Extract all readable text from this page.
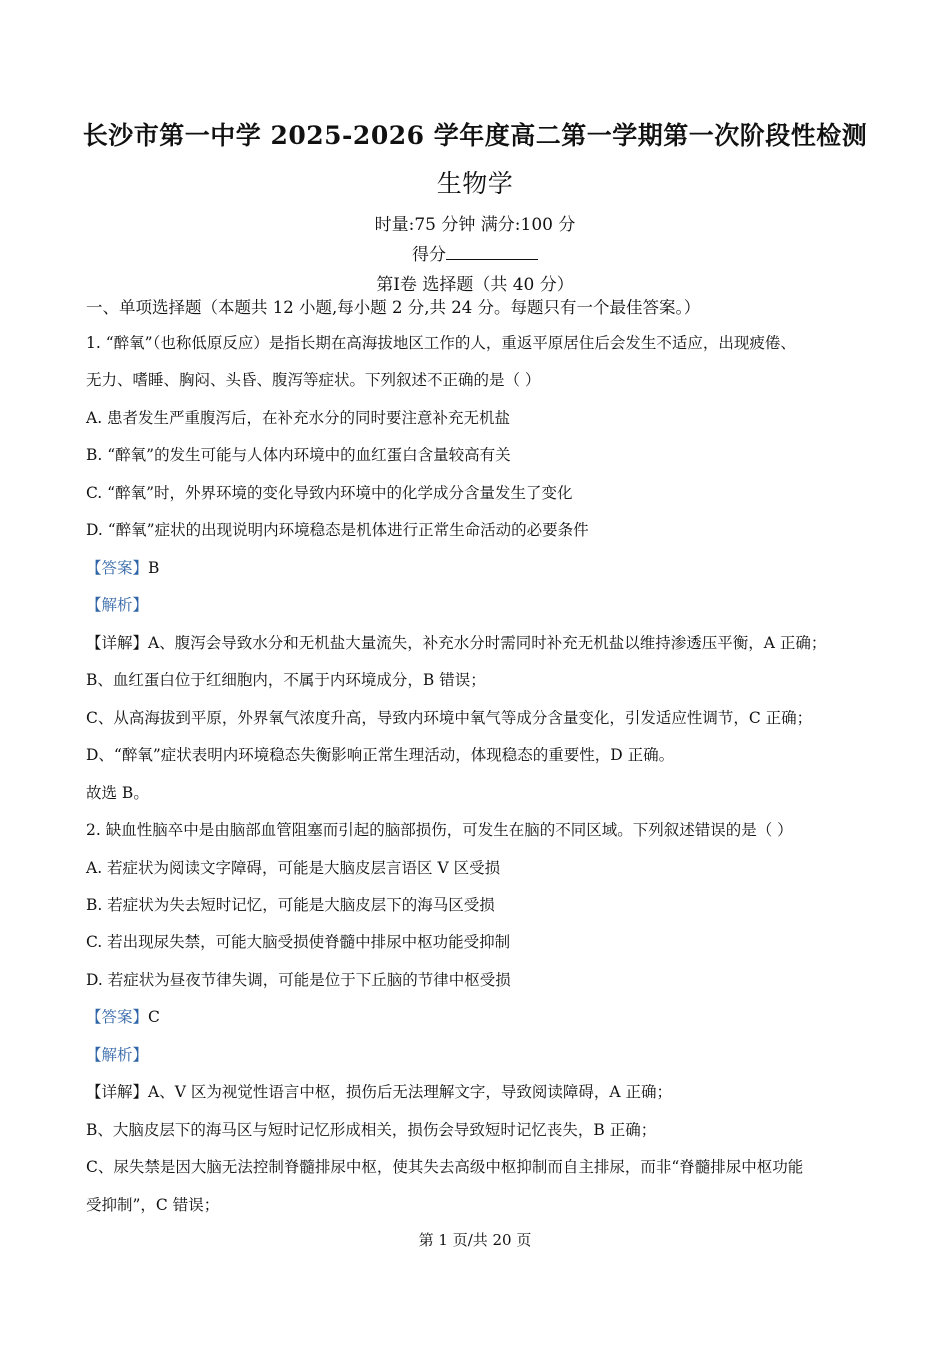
长沙市第一中学 2025-2026 学年度高二第一学期第一次阶段性检测
生物学
时量:75 分钟 满分:100 分
得分
第Ⅰ卷 选择题（共 40 分）
一、单项选择题（本题共 12 小题,每小题 2 分,共 24 分。每题只有一个最佳答案。）
1. “醉氧”（也称低原反应）是指长期在高海拔地区工作的人，重返平原居住后会发生不适应，出现疲倦、
无力、嗜睡、胸闷、头昏、腹泻等症状。下列叙述不正确的是（ ）
A. 患者发生严重腹泻后，在补充水分的同时要注意补充无机盐
B. “醉氧”的发生可能与人体内环境中的血红蛋白含量较高有关
C. “醉氧”时，外界环境的变化导致内环境中的化学成分含量发生了变化
D. “醉氧”症状的出现说明内环境稳态是机体进行正常生命活动的必要条件
【答案】B
【解析】
【详解】A、腹泻会导致水分和无机盐大量流失，补充水分时需同时补充无机盐以维持渗透压平衡，A 正确；
B、血红蛋白位于红细胞内，不属于内环境成分，B 错误；
C、从高海拔到平原，外界氧气浓度升高，导致内环境中氧气等成分含量变化，引发适应性调节，C 正确；
D、“醉氧”症状表明内环境稳态失衡影响正常生理活动，体现稳态的重要性，D 正确。
故选 B。
2. 缺血性脑卒中是由脑部血管阻塞而引起的脑部损伤，可发生在脑的不同区域。下列叙述错误的是（ ）
A. 若症状为阅读文字障碍，可能是大脑皮层言语区 V 区受损
B. 若症状为失去短时记忆，可能是大脑皮层下的海马区受损
C. 若出现尿失禁，可能大脑受损使脊髓中排尿中枢功能受抑制
D. 若症状为昼夜节律失调，可能是位于下丘脑的节律中枢受损
【答案】C
【解析】
【详解】A、V 区为视觉性语言中枢，损伤后无法理解文字，导致阅读障碍，A 正确；
B、大脑皮层下的海马区与短时记忆形成相关，损伤会导致短时记忆丧失，B 正确；
C、尿失禁是因大脑无法控制脊髓排尿中枢，使其失去高级中枢抑制而自主排尿，而非“脊髓排尿中枢功能
受抑制”，C 错误；
第 1 页/共 20 页
